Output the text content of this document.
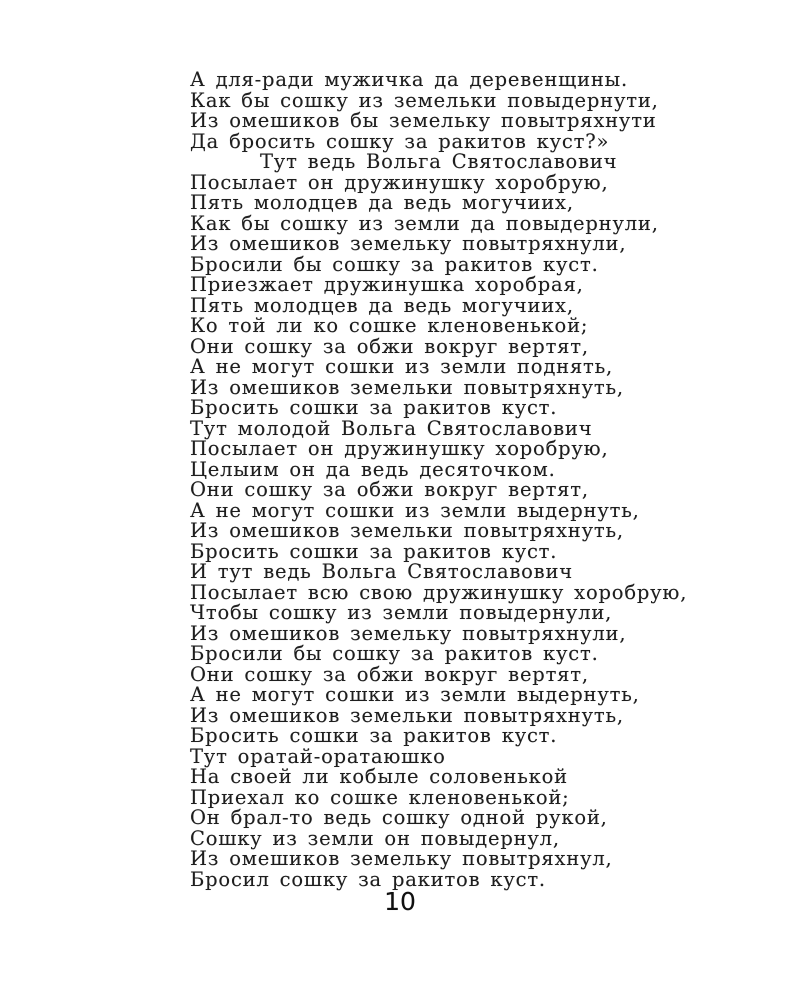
А для-ради мужичка да деревенщины.
Как бы сошку из земельки повыдернути,
Из омешиков бы земельку повытряхнути
Да бросить сошку за ракитов куст?»
Тут ведь Вольга Святославович
Посылает он дружинушку хоробрую,
Пять молодцев да ведь могучиих,
Как бы сошку из земли да повыдернули,
Из омешиков земельку повытряхнули,
Бросили бы сошку за ракитов куст.
Приезжает дружинушка хоробрая,
Пять молодцев да ведь могучиих,
Ко той ли ко сошке кленовенькой;
Они сошку за обжи вокруг вертят,
А не могут сошки из земли поднять,
Из омешиков земельки повытряхнуть,
Бросить сошки за ракитов куст.
Тут молодой Вольга Святославович
Посылает он дружинушку хоробрую,
Целыим он да ведь десяточком.
Они сошку за обжи вокруг вертят,
А не могут сошки из земли выдернуть,
Из омешиков земельки повытряхнуть,
Бросить сошки за ракитов куст.
И тут ведь Вольга Святославович
Посылает всю свою дружинушку хоробрую,
Чтобы сошку из земли повыдернули,
Из омешиков земельку повытряхнули,
Бросили бы сошку за ракитов куст.
Они сошку за обжи вокруг вертят,
А не могут сошки из земли выдернуть,
Из омешиков земельки повытряхнуть,
Бросить сошки за ракитов куст.
Тут оратай-оратаюшко
На своей ли кобыле соловенькой
Приехал ко сошке кленовенькой;
Он брал-то ведь сошку одной рукой,
Сошку из земли он повыдернул,
Из омешиков земельку повытряхнул,
Бросил сошку за ракитов куст.
10
